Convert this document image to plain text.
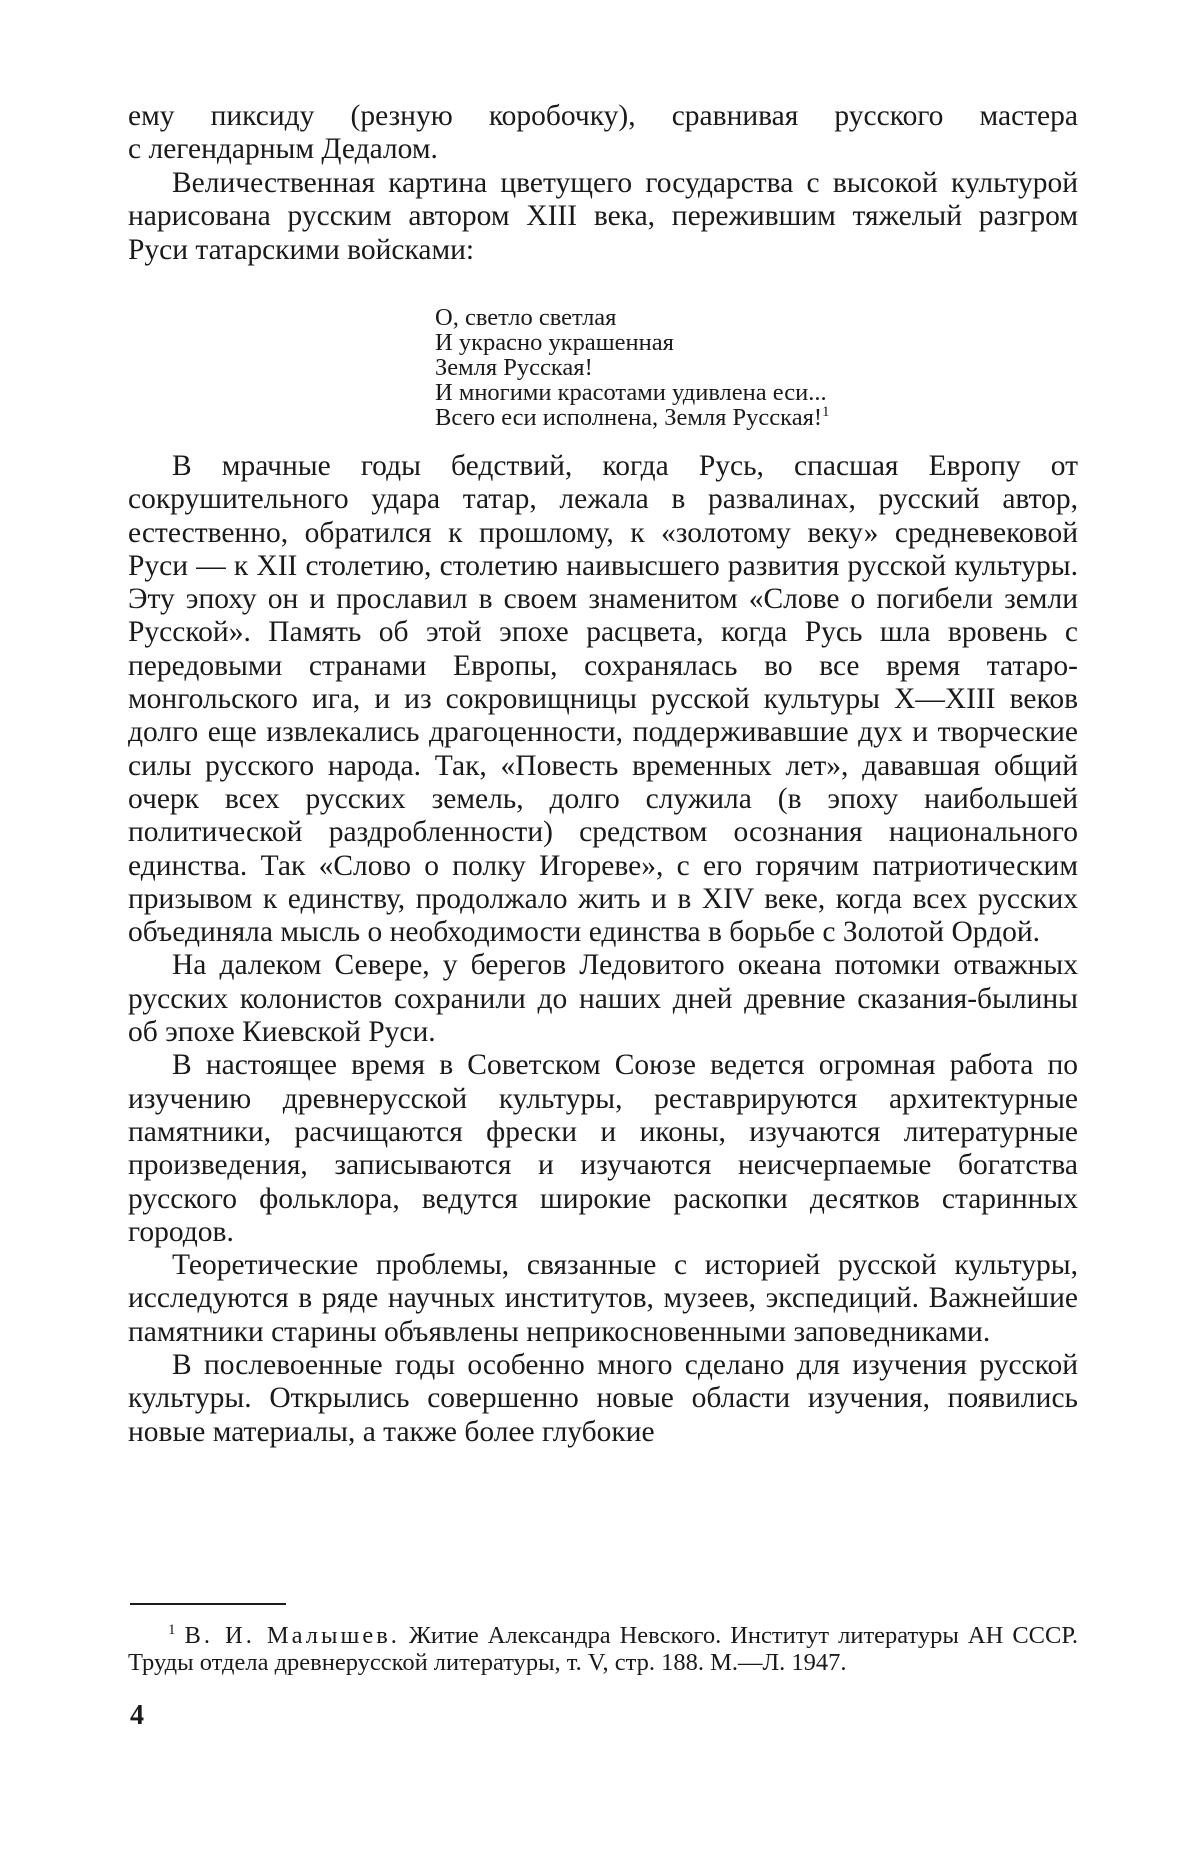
ему пиксиду (резную коробочку), сравнивая русского мастера

с легендарным Дедалом.

Величественная картина цветущего государства с высокой культурой нарисована русским автором XIII века, пережившим тяжелый разгром Руси татарскими войсками:

О, светло светлая
И украсно украшенная
Земля Русская!
И многими красотами удивлена еси...
Всего еси исполнена, Земля Русская!$^1$

В мрачные годы бедствий, когда Русь, спасшая Европу от сокрушительного удара татар, лежала в развалинах, русский автор, естественно, обратился к прошлому, к «золотому веку» средневековой Руси — к XII столетию, столетию наивысшего развития русской культуры. Эту эпоху он и прославил в своем знаменитом «Слове о погибели земли Русской». Память об этой эпохе расцвета, когда Русь шла вровень с передовыми странами Европы, сохранялась во все время татаро-монгольского ига, и из сокровищницы русской культуры X—XIII веков долго еще извлекались драгоценности, поддерживавшие дух и творческие силы русского народа. Так, «Повесть временных лет», дававшая общий очерк всех русских земель, долго служила (в эпоху наибольшей политической раздробленности) средством осознания национального единства. Так «Слово о полку Игореве», с его горячим патриотическим призывом к единству, продолжало жить и в XIV веке, когда всех русских объединяла мысль о необходимости единства в борьбе с Золотой Ордой.

На далеком Севере, у берегов Ледовитого океана потомки отважных русских колонистов сохранили до наших дней древние сказания-былины об эпохе Киевской Руси.

В настоящее время в Советском Союзе ведется огромная работа по изучению древнерусской культуры, реставрируются архитектурные памятники, расчищаются фрески и иконы, изучаются литературные произведения, записываются и изучаются неисчерпаемые богатства русского фольклора, ведутся широкие раскопки десятков старинных городов.

Теоретические проблемы, связанные с историей русской культуры, исследуются в ряде научных институтов, музеев, экспедиций. Важнейшие памятники старины объявлены неприкосновенными заповедниками.

В послевоенные годы особенно много сделано для изучения русской культуры. Открылись совершенно новые области изучения, появились новые материалы, а также более глубокие

$^1$ В. И. Малышев. Житие Александра Невского. Институт литературы АН СССР. Труды отдела древнерусской литературы, т. V, стр. 188. М.—Л. 1947.

4
